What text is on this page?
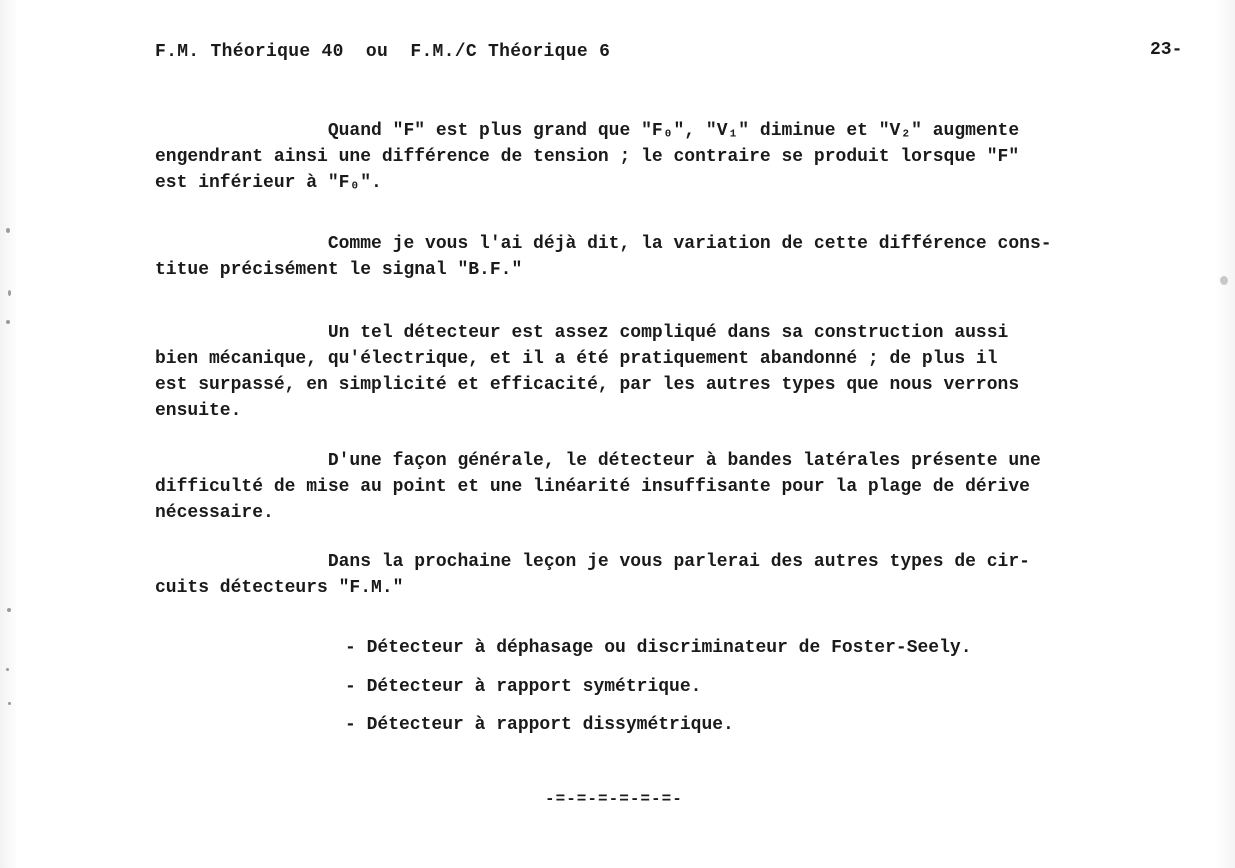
F.M. Théorique 40  ou  F.M./C Théorique 6	23-
Quand "F" est plus grand que "F₀", "V₁" diminue et "V₂" augmente
engendrant ainsi une différence de tension ; le contraire se produit lorsque "F"
est inférieur à "F₀".
Comme je vous l'ai déjà dit, la variation de cette différence cons-
titue précisément le signal "B.F."
Un tel détecteur est assez compliqué dans sa construction aussi
bien mécanique, qu'électrique, et il a été pratiquement abandonné ; de plus il
est surpassé, en simplicité et efficacité, par les autres types que nous verrons
ensuite.
D'une façon générale, le détecteur à bandes latérales présente une
difficulté de mise au point et une linéarité insuffisante pour la plage de dérive
nécessaire.
Dans la prochaine leçon je vous parlerai des autres types de cir-
cuits détecteurs "F.M."
- Détecteur à déphasage ou discriminateur de Foster-Seely.
- Détecteur à rapport symétrique.
- Détecteur à rapport dissymétrique.
-=-=-=-=-=-=-
